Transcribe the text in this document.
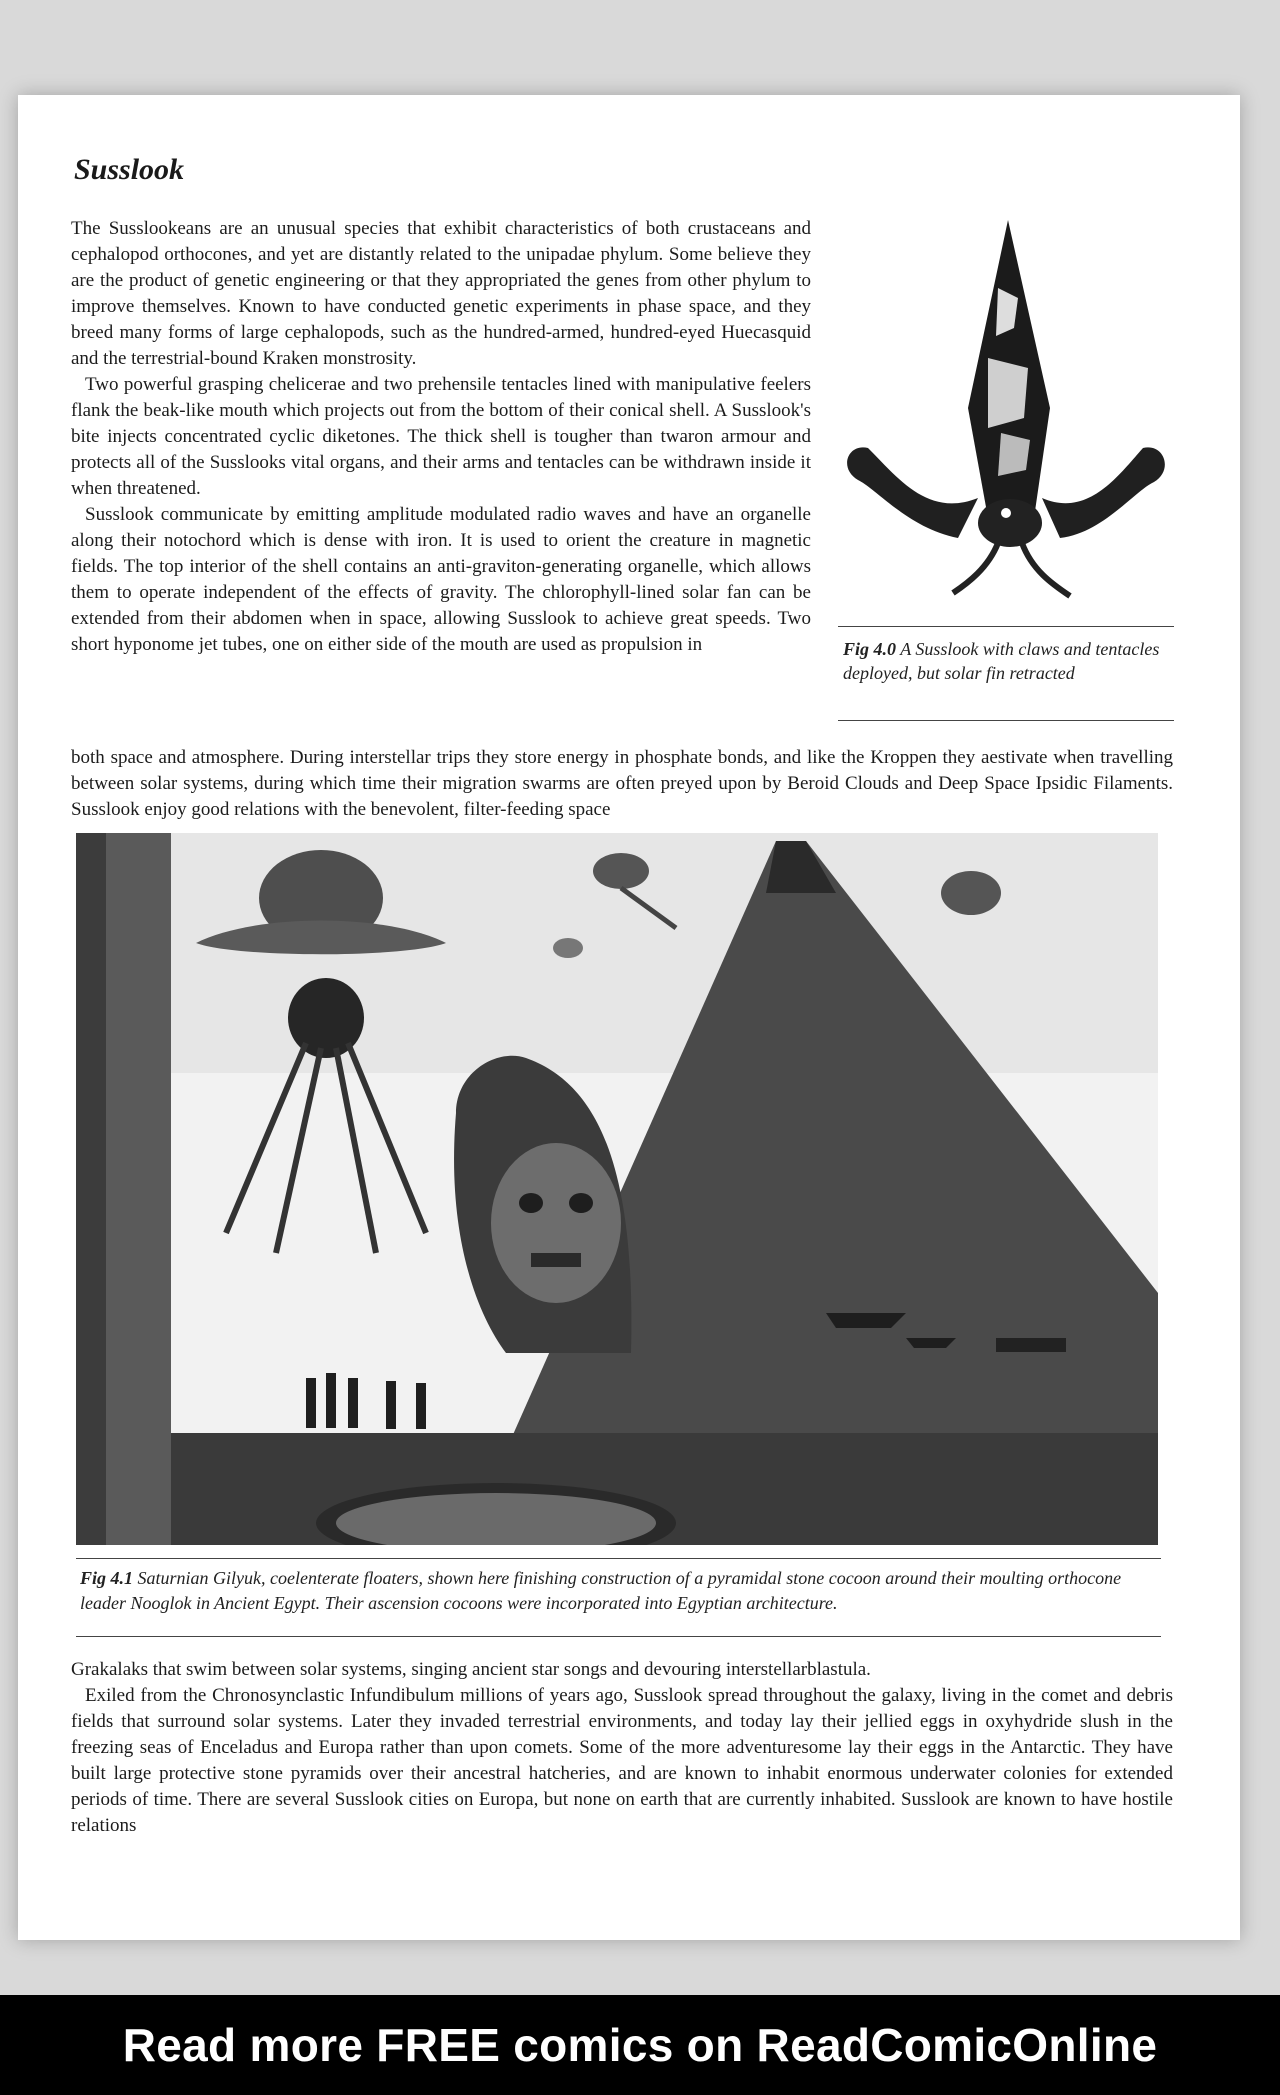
Susslook

The Susslookeans are an unusual species that exhibit characteristics of both crustaceans and cephalopod orthocones, and yet are distantly related to the unipadae phylum. Some believe they are the product of genetic engineering or that they appropriated the genes from other phylum to improve themselves. Known to have conducted genetic experiments in phase space, and they breed many forms of large cephalopods, such as the hundred-armed, hundred-eyed Huecasquid and the terrestrial-bound Kraken monstrosity.

Two powerful grasping chelicerae and two prehensile tentacles lined with manipulative feelers flank the beak-like mouth which projects out from the bottom of their conical shell. A Susslook's bite injects concentrated cyclic diketones. The thick shell is tougher than twaron armour and protects all of the Susslooks vital organs, and their arms and tentacles can be withdrawn inside it when threatened.

Susslook communicate by emitting amplitude modulated radio waves and have an organelle along their notochord which is dense with iron. It is used to orient the creature in magnetic fields. The top interior of the shell contains an anti-graviton-generating organelle, which allows them to operate independent of the effects of gravity. The chlorophyll-lined solar fan can be extended from their abdomen when in space, allowing Susslook to achieve great speeds. Two short hyponome jet tubes, one on either side of the mouth are used as propulsion in	Fig 4.0 A Susslook with claws and tentacles deployed, but solar fin retracted

both space and atmosphere. During interstellar trips they store energy in phosphate bonds, and like the Kroppen they aestivate when travelling between solar systems, during which time their migration swarms are often preyed upon by Beroid Clouds and Deep Space Ipsidic Filaments. Susslook enjoy good relations with the benevolent, filter-feeding space

Fig 4.1 Saturnian Gilyuk, coelenterate floaters, shown here finishing construction of a pyramidal stone cocoon around their moulting orthocone leader Nooglok in Ancient Egypt. Their ascension cocoons were incorporated into Egyptian architecture.

Grakalaks that swim between solar systems, singing ancient star songs and devouring interstellarblastula.

Exiled from the Chronosynclastic Infundibulum millions of years ago, Susslook spread throughout the galaxy, living in the comet and debris fields that surround solar systems. Later they invaded terrestrial environments, and today lay their jellied eggs in oxyhydride slush in the freezing seas of Enceladus and Europa rather than upon comets. Some of the more adventuresome lay their eggs in the Antarctic. They have built large protective stone pyramids over their ancestral hatcheries, and are known to inhabit enormous underwater colonies for extended periods of time. There are several Susslook cities on Europa, but none on earth that are currently inhabited. Susslook are known to have hostile relations

Read more FREE comics on ReadComicOnline
